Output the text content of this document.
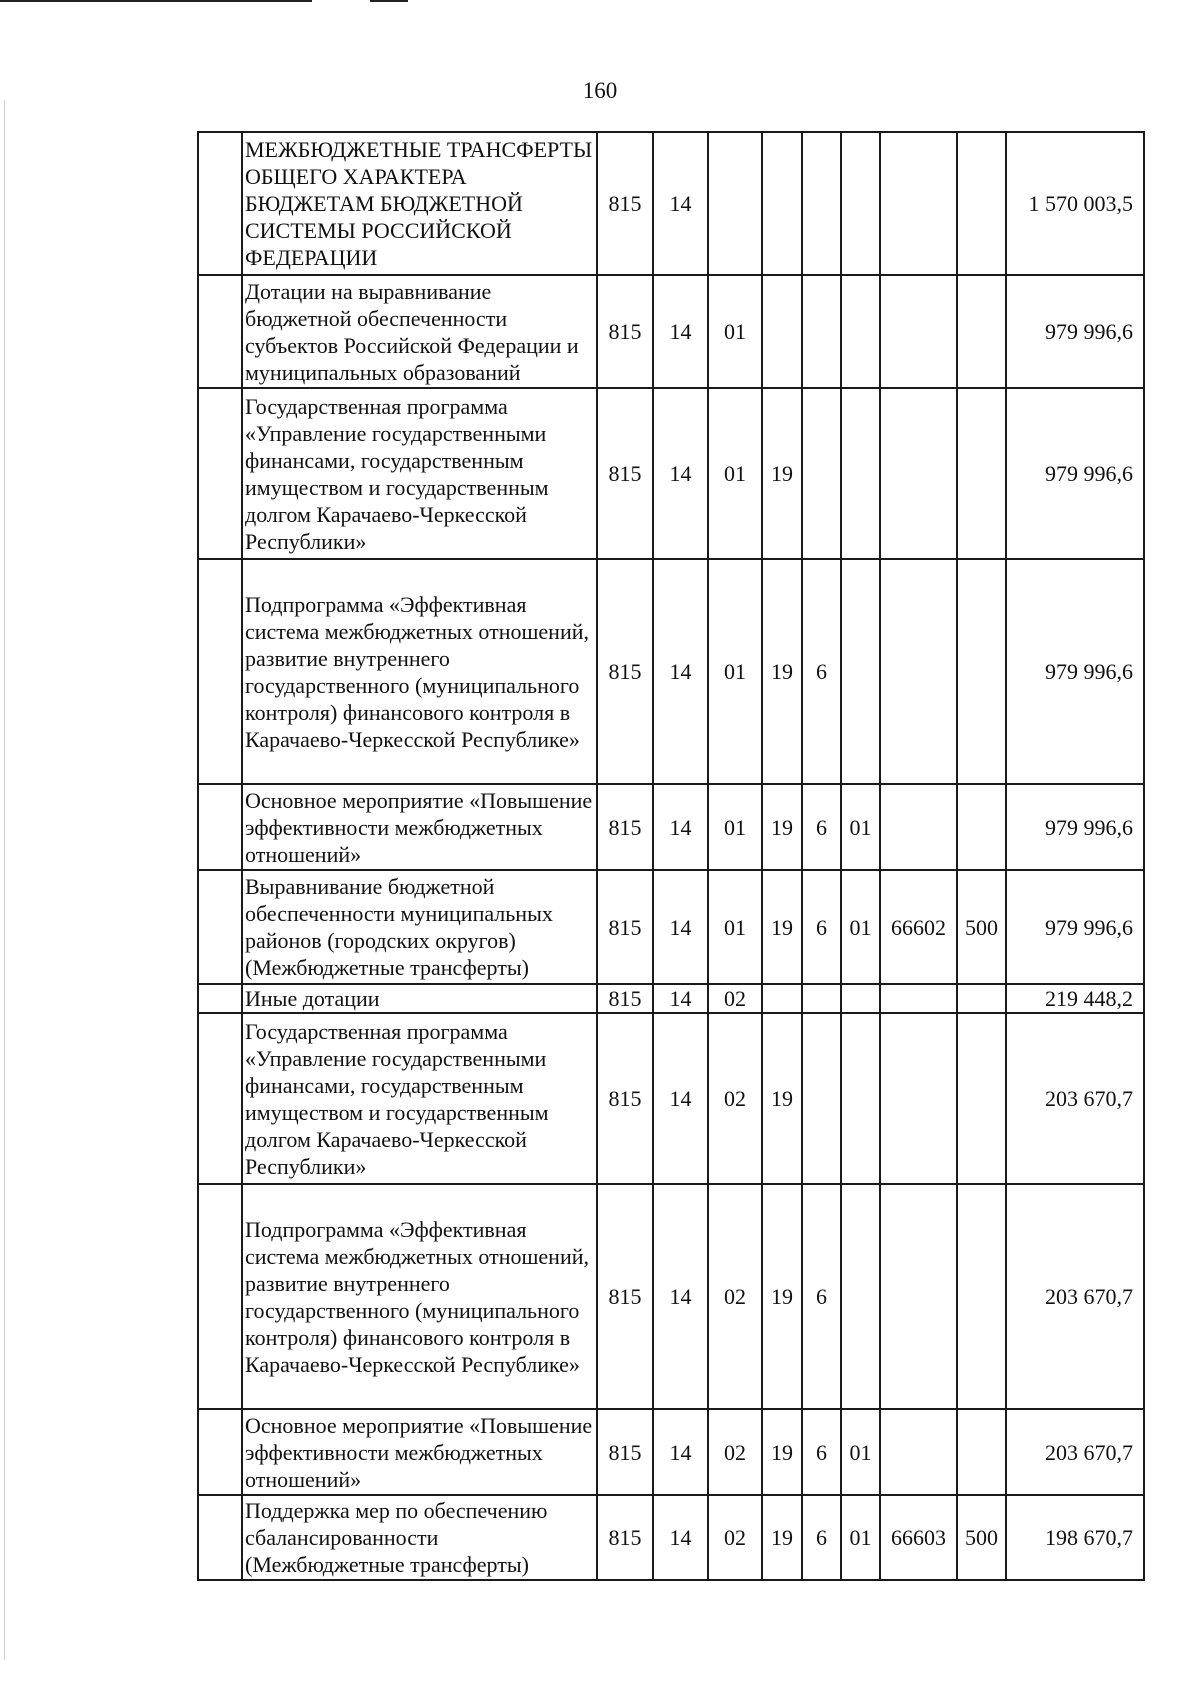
160
	МЕЖБЮДЖЕТНЫЕ ТРАНСФЕРТЫ ОБЩЕГО ХАРАКТЕРА БЮДЖЕТАМ БЮДЖЕТНОЙ СИСТЕМЫ РОССИЙСКОЙ ФЕДЕРАЦИИ	815	14							1 570 003,5
	Дотации на выравнивание бюджетной обеспеченности субъектов Российской Федерации и муниципальных образований	815	14	01						979 996,6
	Государственная программа «Управление государственными финансами, государственным имуществом и государственным долгом Карачаево-Черкесской Республики»	815	14	01	19					979 996,6
	Подпрограмма «Эффективная система межбюджетных отношений, развитие внутреннего государственного (муниципального контроля) финансового контроля в Карачаево-Черкесской Республике»	815	14	01	19	6				979 996,6
	Основное мероприятие «Повышение эффективности межбюджетных отношений»	815	14	01	19	6	01			979 996,6
	Выравнивание бюджетной обеспеченности муниципальных районов (городских округов) (Межбюджетные трансферты)	815	14	01	19	6	01	66602	500	979 996,6
	Иные дотации	815	14	02						219 448,2
	Государственная программа «Управление государственными финансами, государственным имуществом и государственным долгом Карачаево-Черкесской Республики»	815	14	02	19					203 670,7
	Подпрограмма «Эффективная система межбюджетных отношений, развитие внутреннего государственного (муниципального контроля) финансового контроля в Карачаево-Черкесской Республике»	815	14	02	19	6				203 670,7
	Основное мероприятие «Повышение эффективности межбюджетных отношений»	815	14	02	19	6	01			203 670,7
	Поддержка мер по обеспечению сбалансированности (Межбюджетные трансферты)	815	14	02	19	6	01	66603	500	198 670,7
